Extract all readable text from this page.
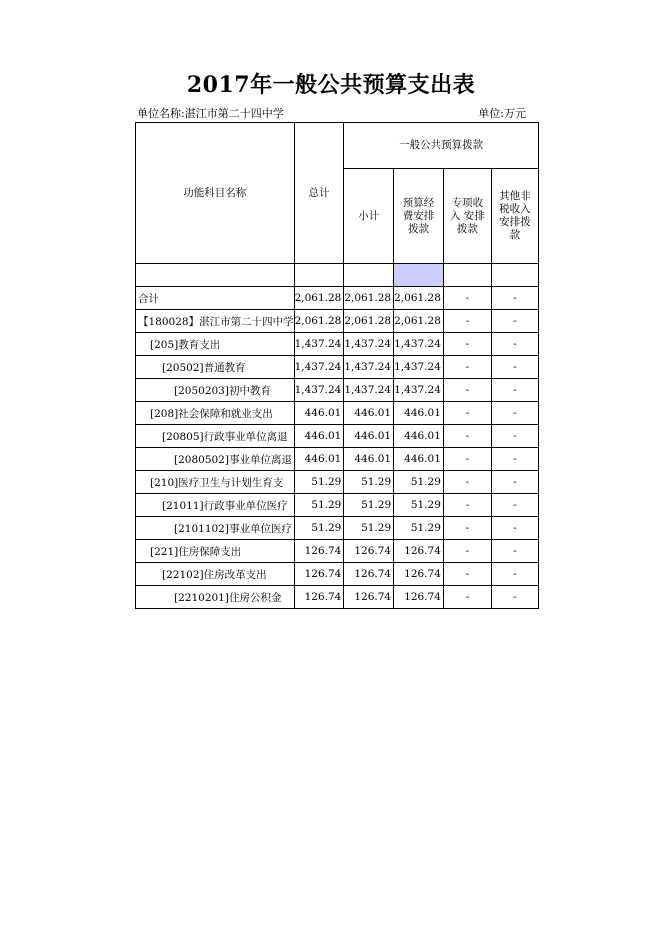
2017年一般公共预算支出表
单位名称:湛江市第二十四中学	单位:万元
功能科目名称	总计	一般公共预算拨款			

		小计	预算经费安排拨款	专项收入 安排拨款	其他非税收入安排拨款

合计	2,061.28	2,061.28	2,061.28	-	-
【180028】湛江市第二十四中学	2,061.28	2,061.28	2,061.28	-	-
[205]教育支出	1,437.24	1,437.24	1,437.24	-	-
[20502]普通教育	1,437.24	1,437.24	1,437.24	-	-
[2050203]初中教育	1,437.24	1,437.24	1,437.24	-	-
[208]社会保障和就业支出	446.01	446.01	446.01	-	-
[20805]行政事业单位离退	446.01	446.01	446.01	-	-
[2080502]事业单位离退	446.01	446.01	446.01	-	-
[210]医疗卫生与计划生育支	51.29	51.29	51.29	-	-
[21011]行政事业单位医疗	51.29	51.29	51.29	-	-
[2101102]事业单位医疗	51.29	51.29	51.29	-	-
[221]住房保障支出	126.74	126.74	126.74	-	-
[22102]住房改革支出	126.74	126.74	126.74	-	-
[2210201]住房公积金	126.74	126.74	126.74	-	-
